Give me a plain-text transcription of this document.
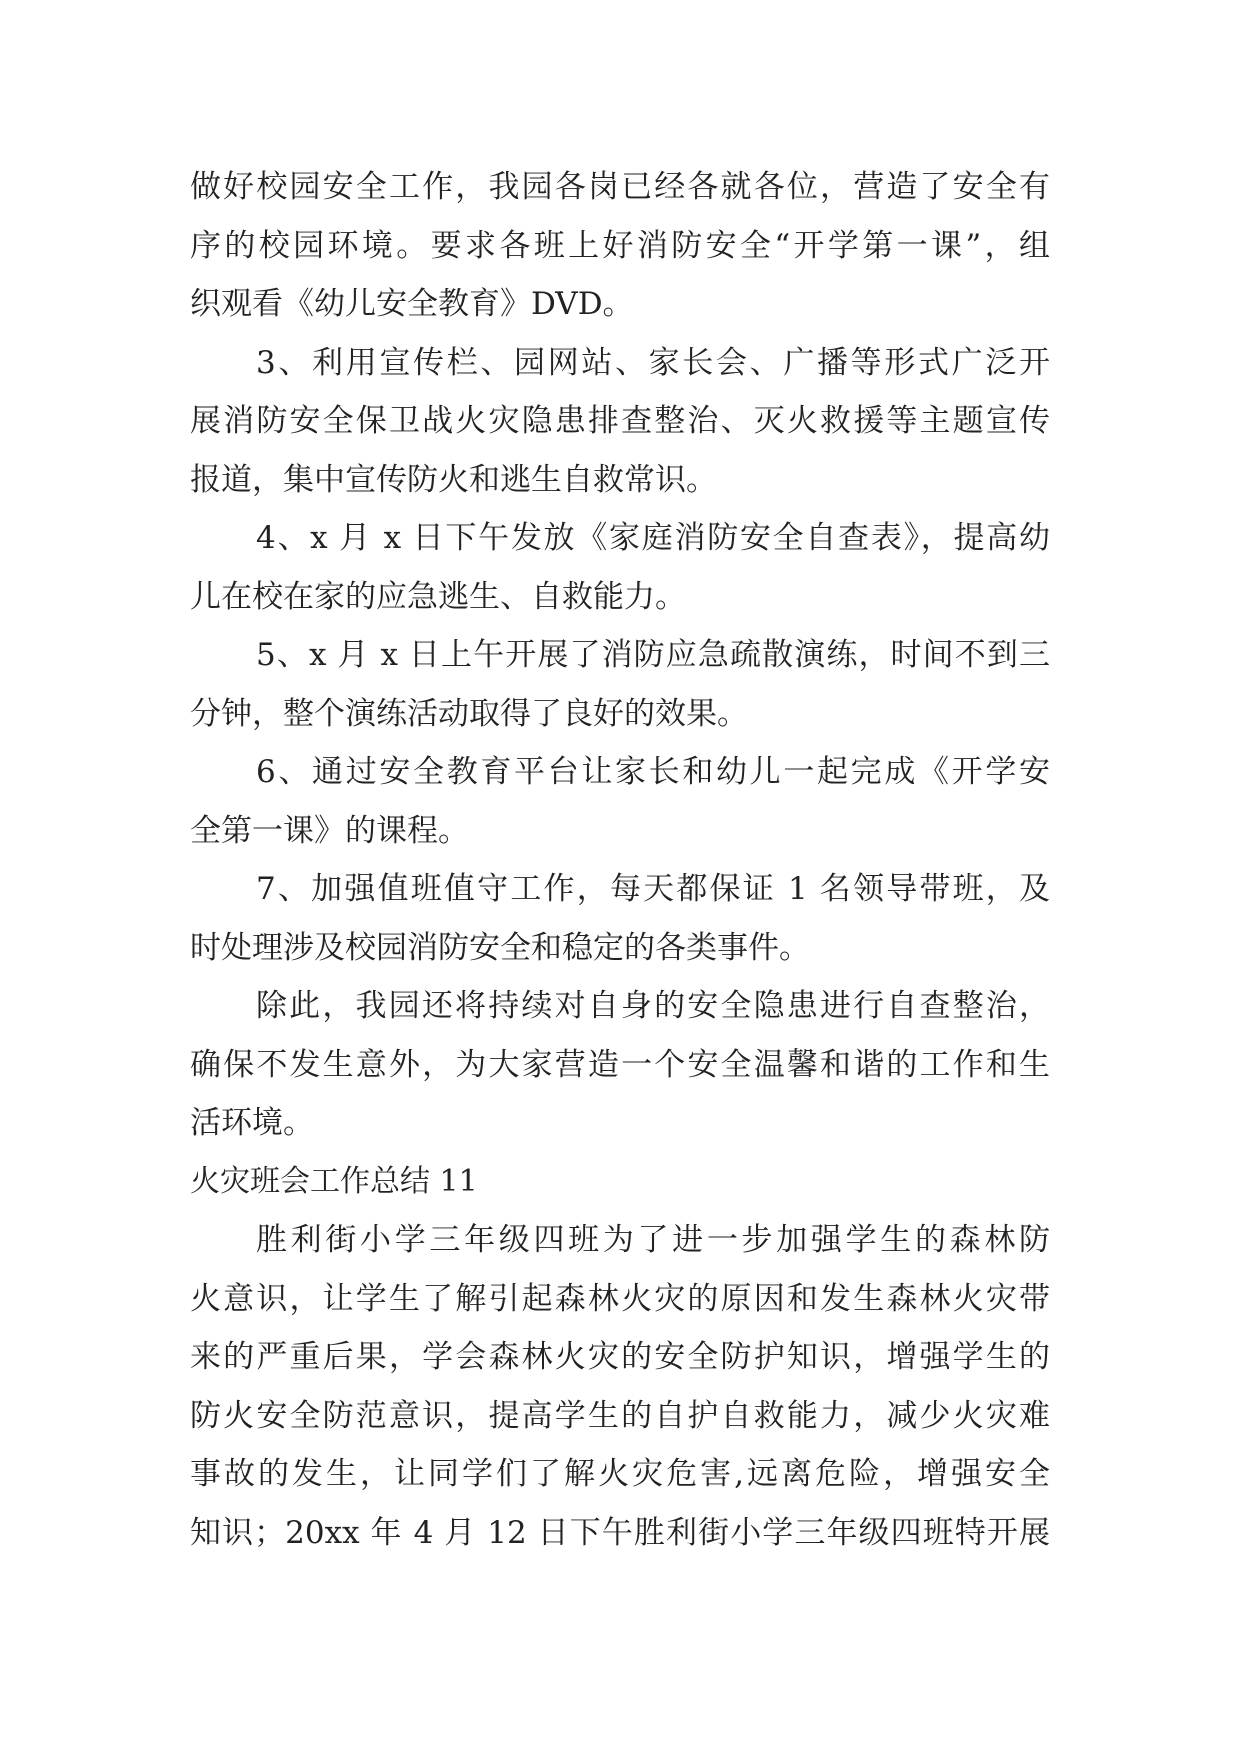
做好校园安全工作，我园各岗已经各就各位，营造了安全有
序的校园环境。要求各班上好消防安全“开学第一课”，组
织观看《幼儿安全教育》DVD。
3、利用宣传栏、园网站、家长会、广播等形式广泛开
展消防安全保卫战火灾隐患排查整治、灭火救援等主题宣传
报道，集中宣传防火和逃生自救常识。
4、x 月 x 日下午发放《家庭消防安全自查表》，提高幼
儿在校在家的应急逃生、自救能力。
5、x 月 x 日上午开展了消防应急疏散演练，时间不到三
分钟，整个演练活动取得了良好的效果。
6、通过安全教育平台让家长和幼儿一起完成《开学安
全第一课》的课程。
7、加强值班值守工作，每天都保证 1 名领导带班，及
时处理涉及校园消防安全和稳定的各类事件。
除此，我园还将持续对自身的安全隐患进行自查整治，
确保不发生意外，为大家营造一个安全温馨和谐的工作和生
活环境。
火灾班会工作总结 11
胜利街小学三年级四班为了进一步加强学生的森林防
火意识，让学生了解引起森林火灾的原因和发生森林火灾带
来的严重后果，学会森林火灾的安全防护知识，增强学生的
防火安全防范意识，提高学生的自护自救能力，减少火灾难
事故的发生，让同学们了解火灾危害,远离危险，增强安全
知识；20xx 年 4 月 12 日下午胜利街小学三年级四班特开展
